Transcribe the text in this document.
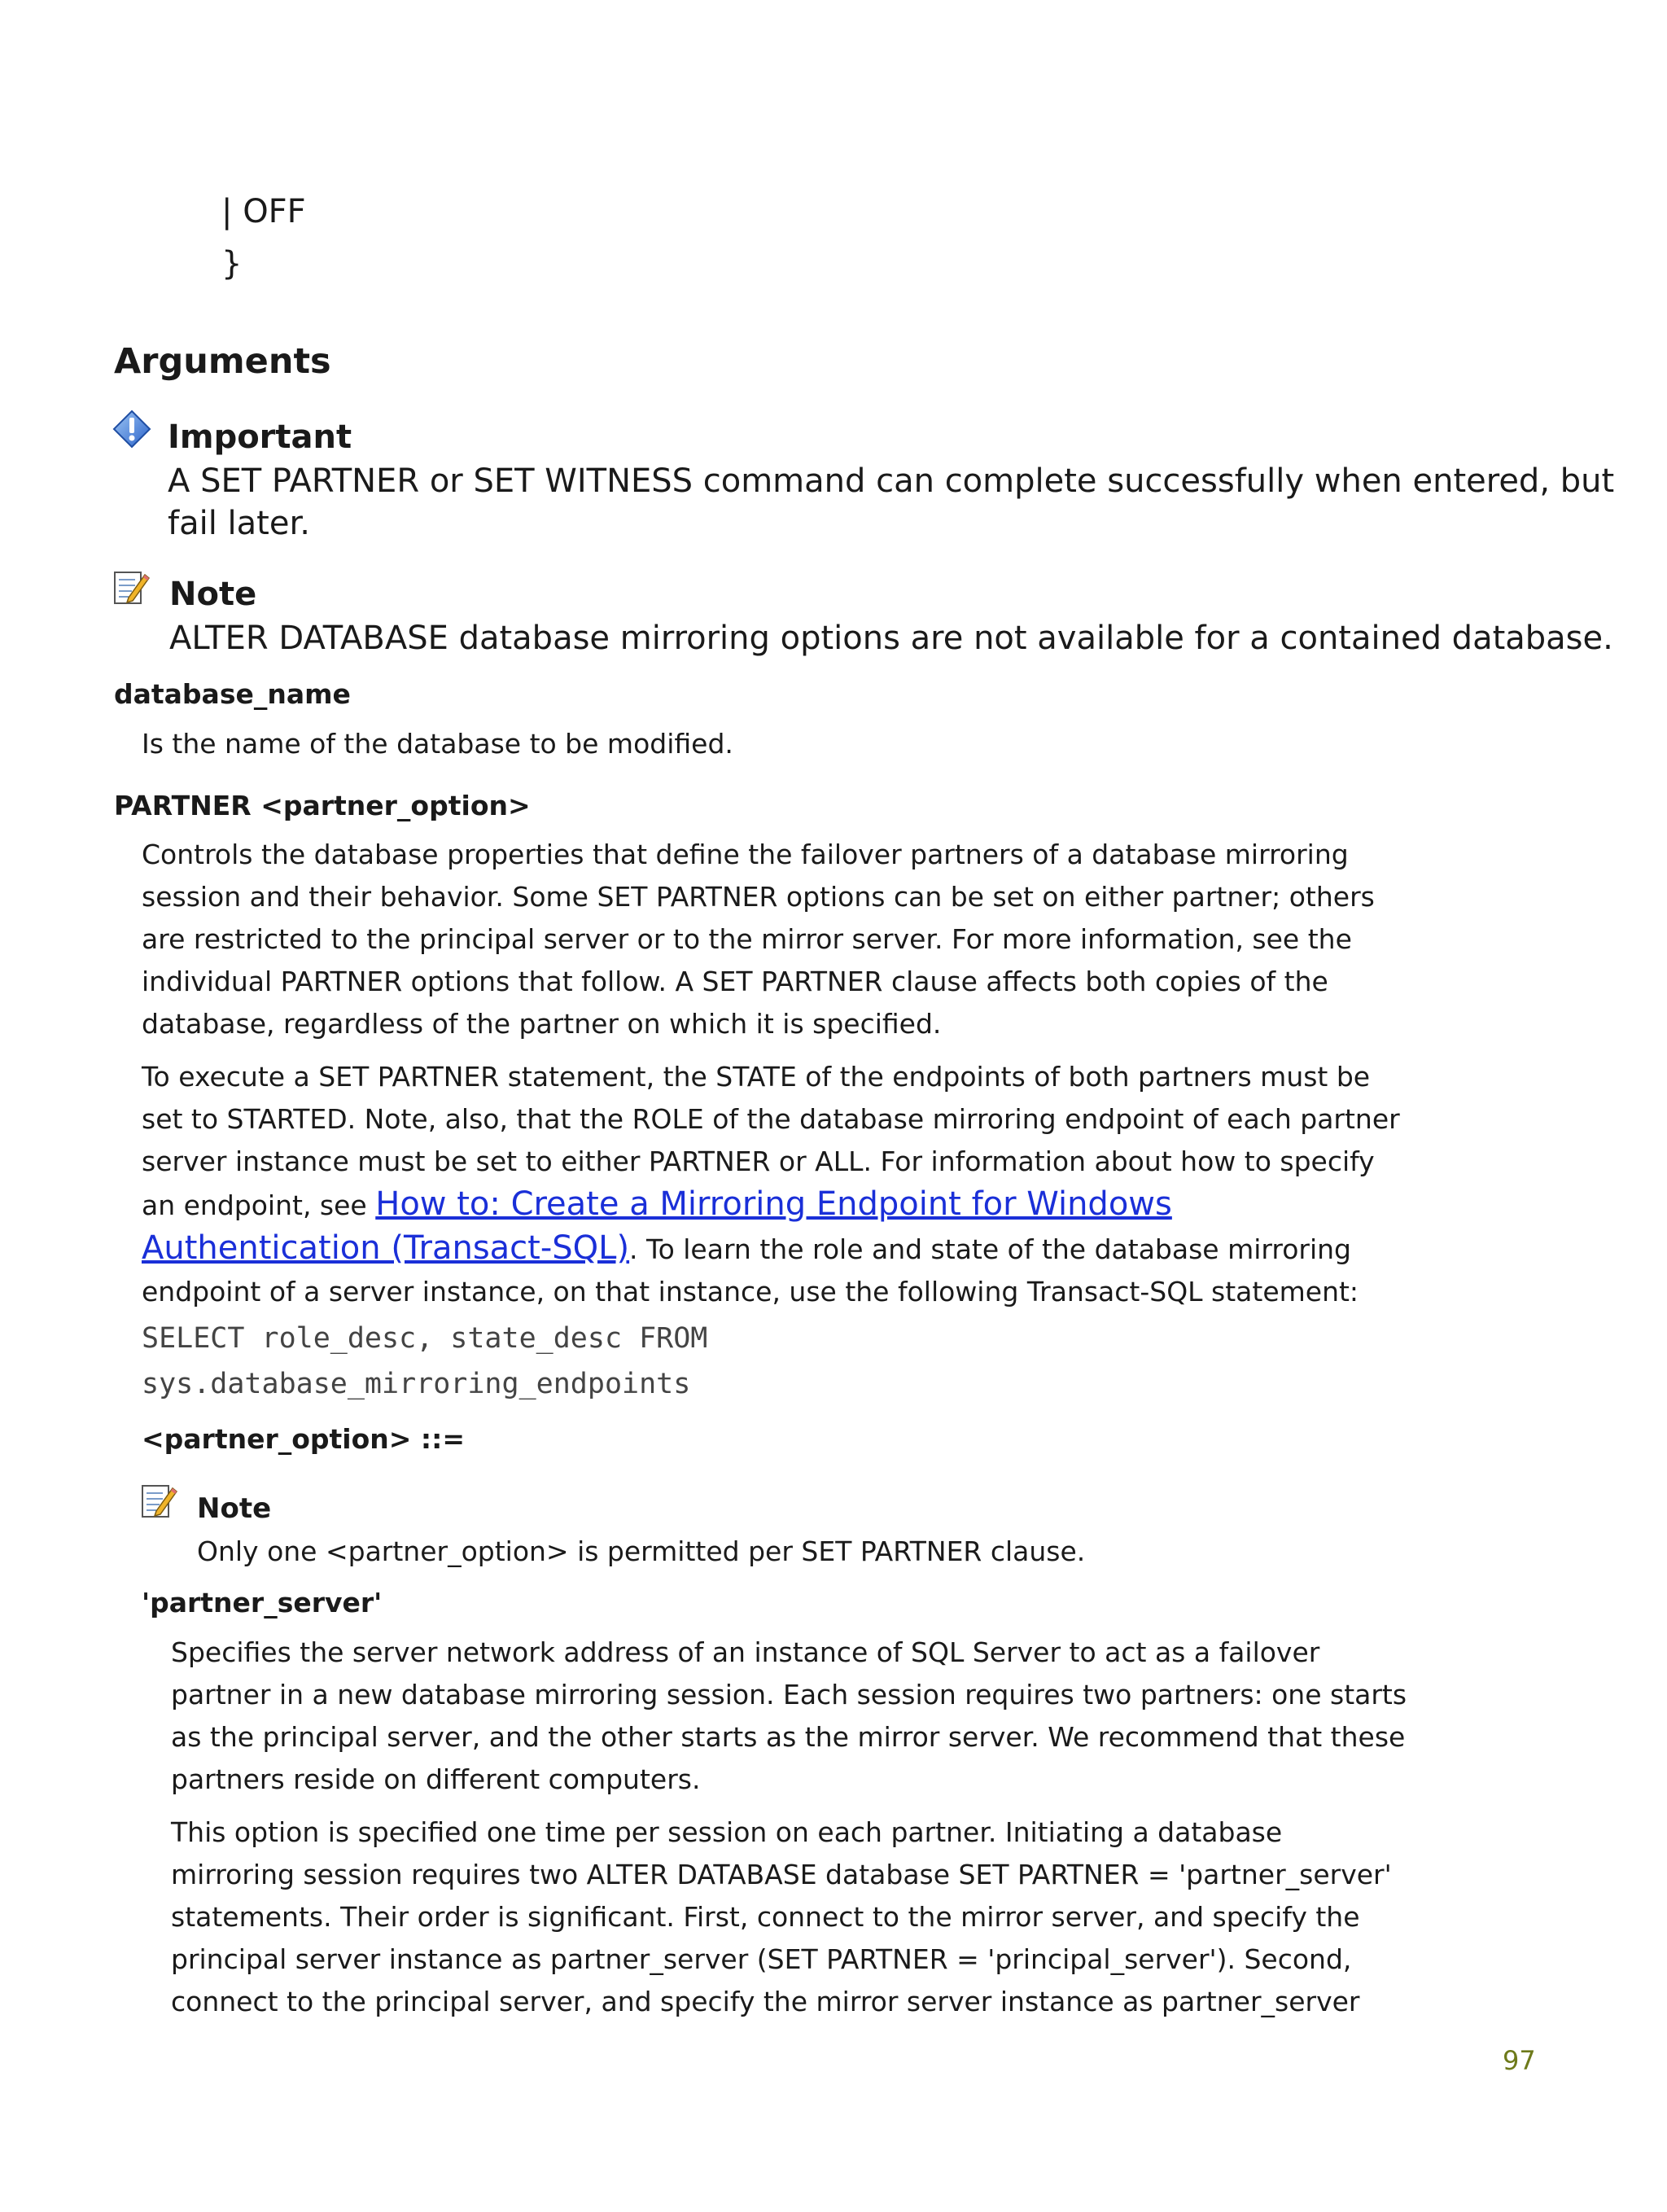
| OFF
}
Arguments
Important
A SET PARTNER or SET WITNESS command can complete successfully when entered, but
fail later.
Note
ALTER DATABASE database mirroring options are not available for a contained database.
database_name
Is the name of the database to be modified.
PARTNER <partner_option>
Controls the database properties that define the failover partners of a database mirroring
session and their behavior. Some SET PARTNER options can be set on either partner; others
are restricted to the principal server or to the mirror server. For more information, see the
individual PARTNER options that follow. A SET PARTNER clause affects both copies of the
database, regardless of the partner on which it is specified.
To execute a SET PARTNER statement, the STATE of the endpoints of both partners must be
set to STARTED. Note, also, that the ROLE of the database mirroring endpoint of each partner
server instance must be set to either PARTNER or ALL. For information about how to specify
an endpoint, see How to: Create a Mirroring Endpoint for Windows
Authentication (Transact-SQL). To learn the role and state of the database mirroring
endpoint of a server instance, on that instance, use the following Transact-SQL statement:
SELECT role_desc, state_desc FROM
sys.database_mirroring_endpoints
<partner_option> ::=
Note
Only one <partner_option> is permitted per SET PARTNER clause.
'partner_server'
Specifies the server network address of an instance of SQL Server to act as a failover
partner in a new database mirroring session. Each session requires two partners: one starts
as the principal server, and the other starts as the mirror server. We recommend that these
partners reside on different computers.
This option is specified one time per session on each partner. Initiating a database
mirroring session requires two ALTER DATABASE database SET PARTNER = 'partner_server'
statements. Their order is significant. First, connect to the mirror server, and specify the
principal server instance as partner_server (SET PARTNER = 'principal_server'). Second,
connect to the principal server, and specify the mirror server instance as partner_server
97
